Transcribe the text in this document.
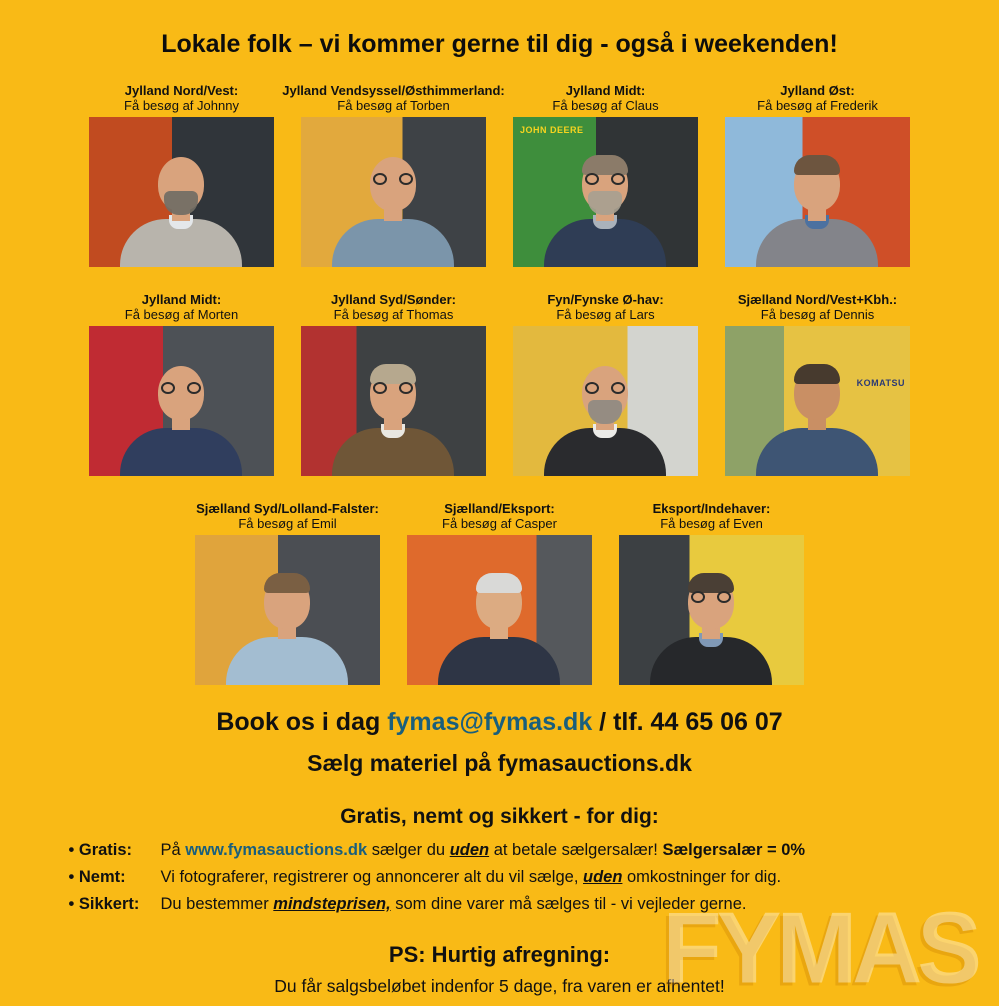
Lokale folk – vi kommer gerne til dig - også i weekenden!
Jylland Nord/Vest:
Få besøg af Johnny
Jylland Vendsyssel/Østhimmerland:
Få besøg af Torben
Jylland Midt:
Få besøg af Claus
JOHN DEERE
Jylland Øst:
Få besøg af Frederik
Jylland Midt:
Få besøg af Morten
Jylland Syd/Sønder:
Få besøg af Thomas
Fyn/Fynske Ø-hav:
Få besøg af Lars
Sjælland Nord/Vest+Kbh.:
Få besøg af Dennis
KOMATSU
Sjælland Syd/Lolland-Falster:
Få besøg af Emil
Sjælland/Eksport:
Få besøg af Casper
Eksport/Indehaver:
Få besøg af Even
Book os i dag fymas@fymas.dk / tlf. 44 65 06 07
Sælg materiel på fymasauctions.dk
Gratis, nemt og sikkert - for dig:
• Gratis:	På www.fymasauctions.dk sælger du uden at betale sælgersalær! Sælgersalær = 0%
• Nemt:	Vi fotograferer, registrerer og annoncerer alt du vil sælge, uden omkostninger for dig.
• Sikkert:	Du bestemmer mindsteprisen, som dine varer må sælges til - vi vejleder gerne.
PS: Hurtig afregning:
Du får salgsbeløbet indenfor 5 dage, fra varen er afhentet!
FYMAS
